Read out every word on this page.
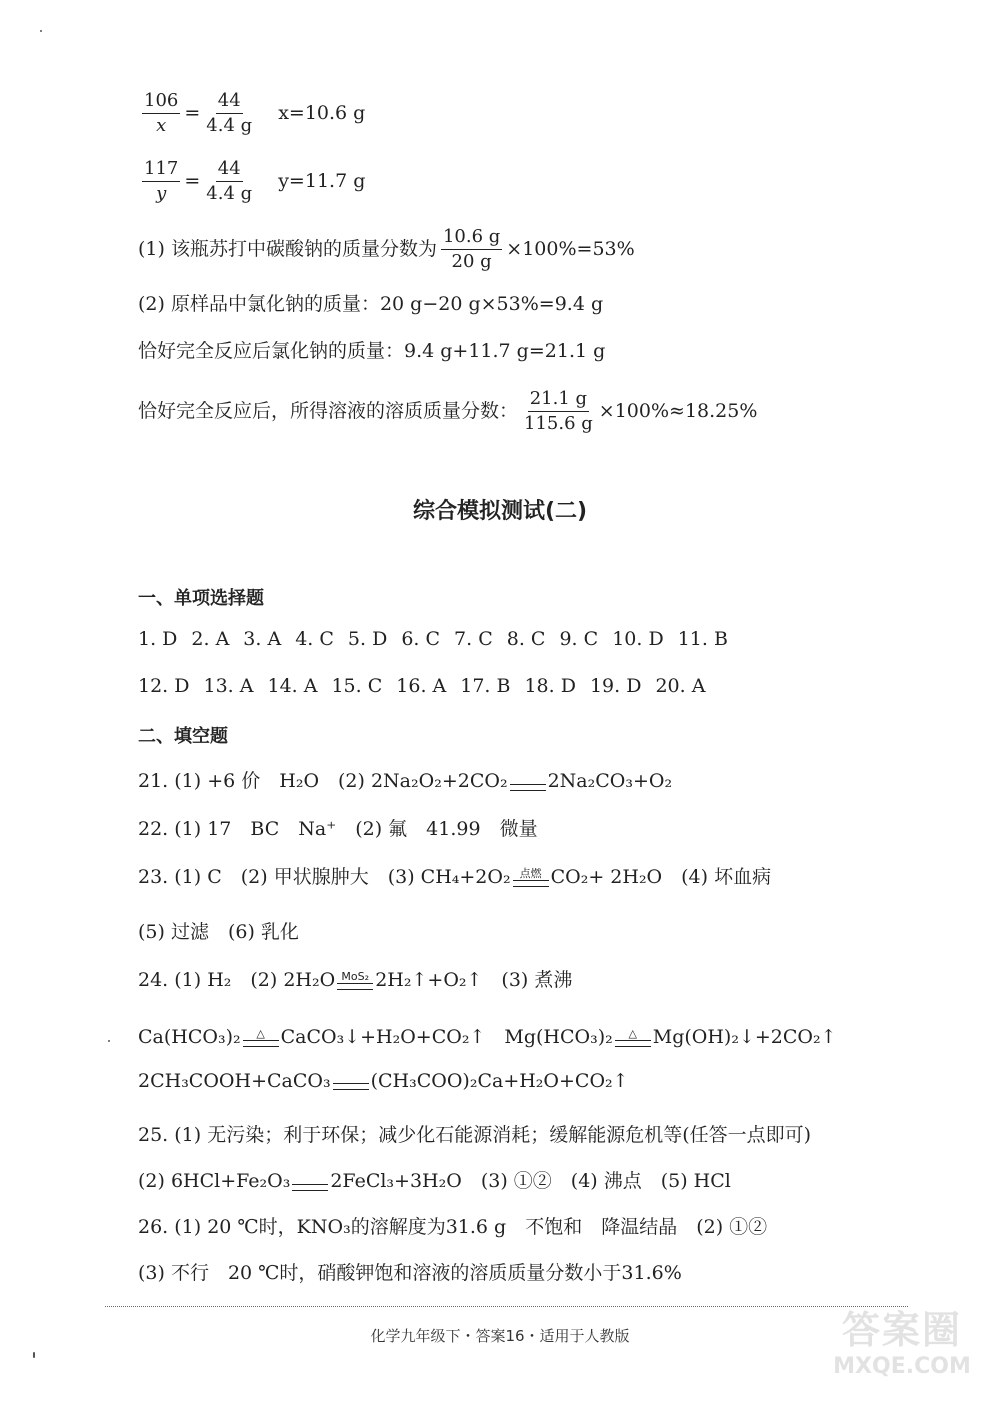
$\frac{106}{x} = \frac{44}{4.4 g} x=10.6$ g
$\frac{117}{y} = \frac{44}{4.4 g} y=11.7$ g
(1) 该瓶苏打中碳酸钠的质量分数为 $\frac{10.6 g}{20 g} \times 100\%=53\%$
(2) 原样品中氯化钠的质量：20 g−20 g×53%=9.4 g
恰好完全反应后氯化钠的质量：9.4 g+11.7 g=21.1 g
恰好完全反应后，所得溶液的溶质质量分数： $\frac{21.1 g}{115.6 g} \times 100\%\approx 18.25\%$
综合模拟测试(二)
一、单项选择题
1. D 2. A 3. A 4. C 5. D 6. C 7. C 8. C 9. C 10. D 11. B
12. D 13. A 14. A 15. C 16. A 17. B 18. D 19. D 20. A
二、填空题
21. (1) +6 价　H₂O　(2) 2Na₂O₂+2CO₂ 2Na₂CO₃+O₂
22. (1) 17　BC　Na⁺　(2) 氟　41.99　微量
23. (1) C　(2) 甲状腺肿大　(3) CH₄+2O₂ 点燃 CO₂+ 2H₂O　(4) 坏血病
(5) 过滤　(6) 乳化
24. (1) H₂　(2) 2H₂O MoS₂ 2H₂↑+O₂↑　(3) 煮沸
Ca(HCO₃)₂ △ CaCO₃↓+H₂O+CO₂↑　Mg(HCO₃)₂ △ Mg(OH)₂↓+2CO₂↑
2CH₃COOH+CaCO₃ (CH₃COO)₂Ca+H₂O+CO₂↑
25. (1) 无污染；利于环保；减少化石能源消耗；缓解能源危机等(任答一点即可)
(2) 6HCl+Fe₂O₃ 2FeCl₃+3H₂O　(3) ①②　(4) 沸点　(5) HCl
26. (1) 20 ℃时，KNO₃的溶解度为31.6 g　不饱和　降温结晶　(2) ①②
(3) 不行　20 ℃时，硝酸钾饱和溶液的溶质质量分数小于31.6%
化学九年级下・答案16・适用于人教版	答案圈
MXQE.COM
